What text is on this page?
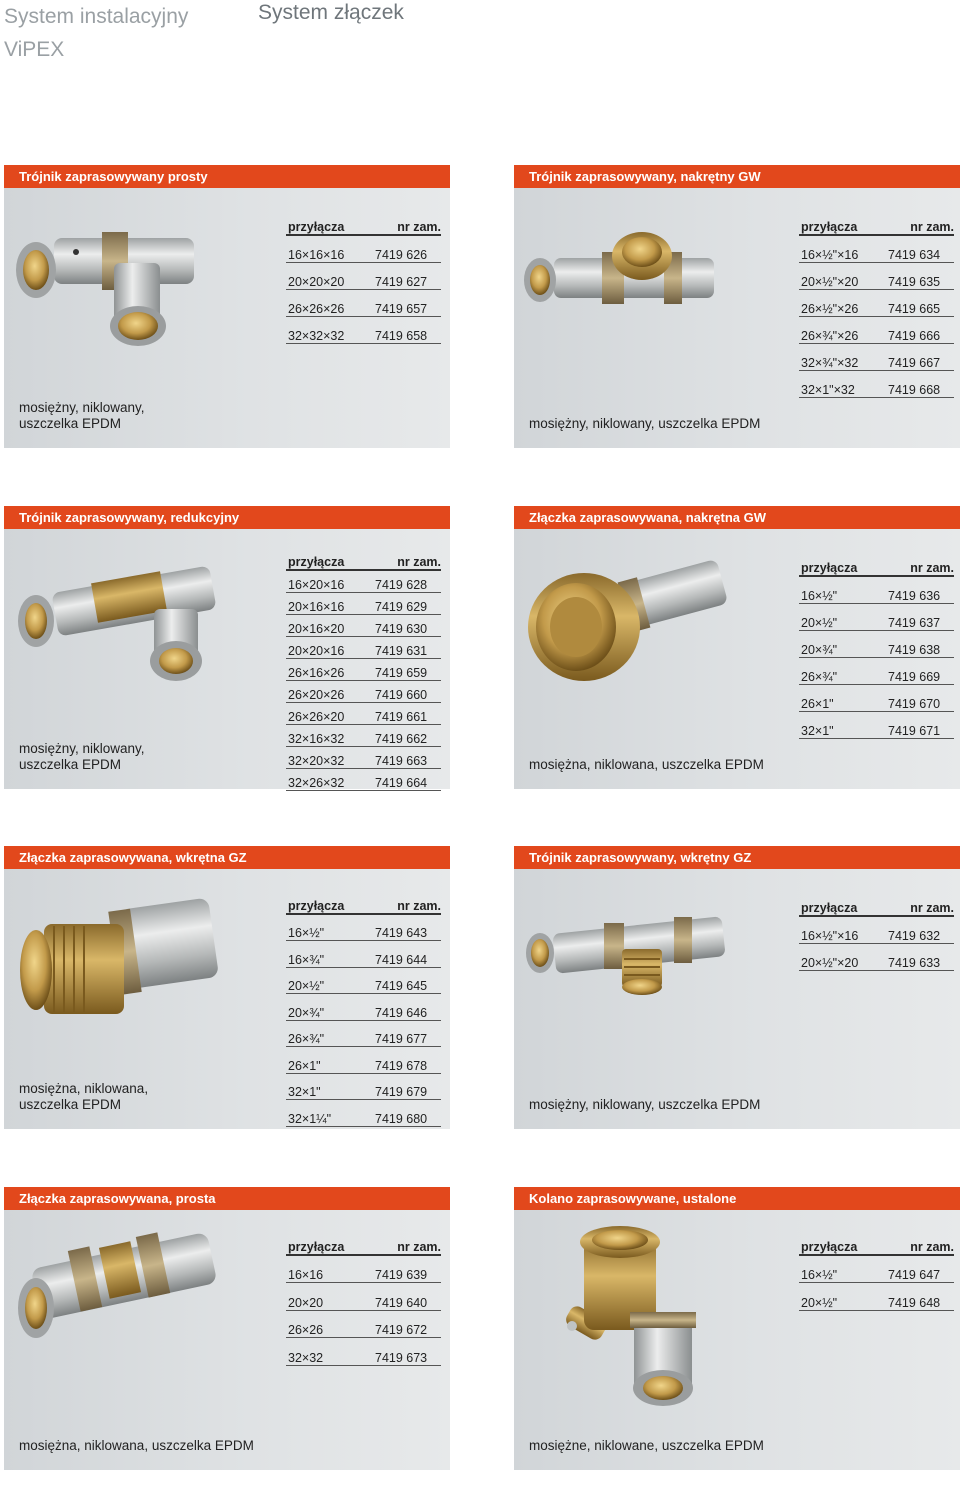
System instalacyjny
ViPEX
System złączek
Trójnik zaprasowywany prosty
przyłącza	nr zam.
16×16×16	7419 626
20×20×20	7419 627
26×26×26	7419 657
32×32×32	7419 658
mosiężny, niklowany,
uszczelka EPDM
Trójnik zaprasowywany, nakrętny GW
przyłącza	nr zam.
16×½"×16	7419 634
20×½"×20	7419 635
26×½"×26	7419 665
26×¾"×26	7419 666
32×¾"×32	7419 667
32×1"×32	7419 668
mosiężny, niklowany, uszczelka EPDM
Trójnik zaprasowywany, redukcyjny
przyłącza	nr zam.
16×20×16	7419 628
20×16×16	7419 629
20×16×20	7419 630
20×20×16	7419 631
26×16×26	7419 659
26×20×26	7419 660
26×26×20	7419 661
32×16×32	7419 662
32×20×32	7419 663
32×26×32	7419 664
mosiężny, niklowany,
uszczelka EPDM
Złączka zaprasowywana, nakrętna GW
przyłącza	nr zam.
16×½"	7419 636
20×½"	7419 637
20×¾"	7419 638
26×¾"	7419 669
26×1"	7419 670
32×1"	7419 671
mosiężna, niklowana, uszczelka EPDM
Złączka zaprasowywana, wkrętna GZ
przyłącza	nr zam.
16×½"	7419 643
16×¾"	7419 644
20×½"	7419 645
20×¾"	7419 646
26×¾"	7419 677
26×1"	7419 678
32×1"	7419 679
32×1¼"	7419 680
mosiężna, niklowana,
uszczelka EPDM
Trójnik zaprasowywany, wkrętny GZ
przyłącza	nr zam.
16×½"×16	7419 632
20×½"×20	7419 633
mosiężny, niklowany, uszczelka EPDM
Złączka zaprasowywana, prosta
przyłącza	nr zam.
16×16	7419 639
20×20	7419 640
26×26	7419 672
32×32	7419 673
mosiężna, niklowana, uszczelka EPDM
Kolano zaprasowywane, ustalone
przyłącza	nr zam.
16×½"	7419 647
20×½"	7419 648
mosiężne, niklowane, uszczelka EPDM
